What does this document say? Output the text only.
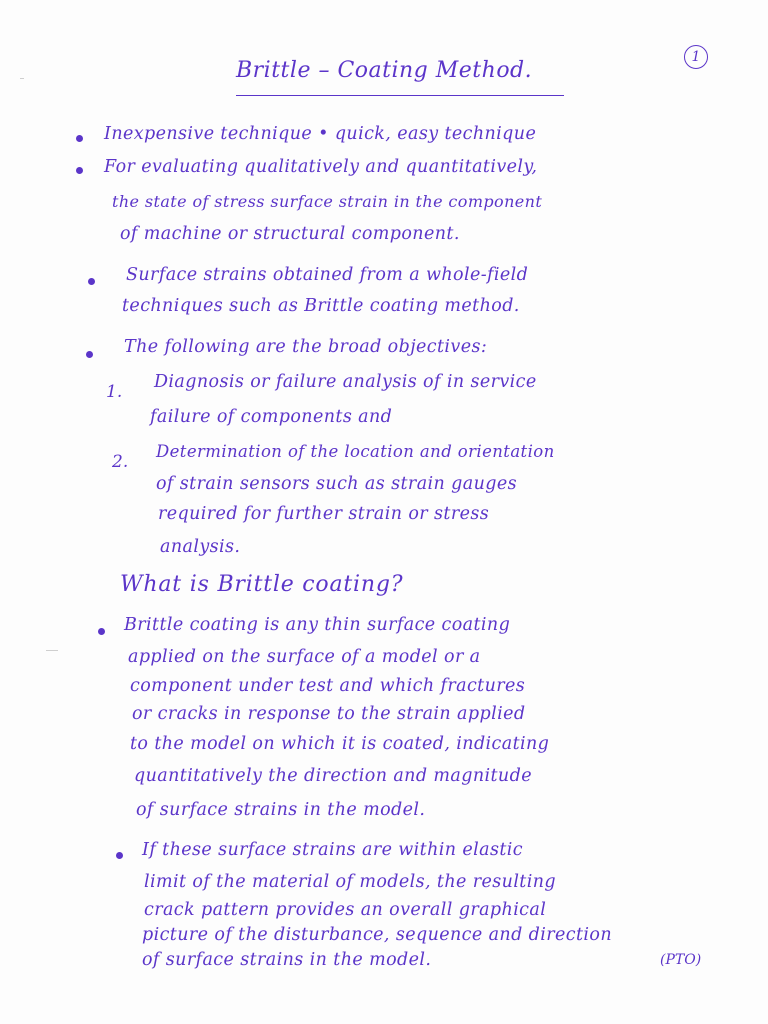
1
Brittle – Coating Method.
Inexpensive technique • quick, easy technique
For evaluating qualitatively and quantitatively,
the state of stress surface strain in the component
of machine or structural component.
Surface strains obtained from a whole-field
techniques such as Brittle coating method.
The following are the broad objectives:
1. Diagnosis or failure analysis of in service
failure of components and
2.
Determination of the location and orientation
of strain sensors such as strain gauges
required for further strain or stress
analysis.
What is Brittle coating?
Brittle coating is any thin surface coating
applied on the surface of a model or a
component under test and which fractures
or cracks in response to the strain applied
to the model on which it is coated, indicating
quantitatively the direction and magnitude
of surface strains in the model.
If these surface strains are within elastic
limit of the material of models, the resulting
crack pattern provides an overall graphical
picture of the disturbance, sequence and direction
of surface strains in the model.	(PTO)
